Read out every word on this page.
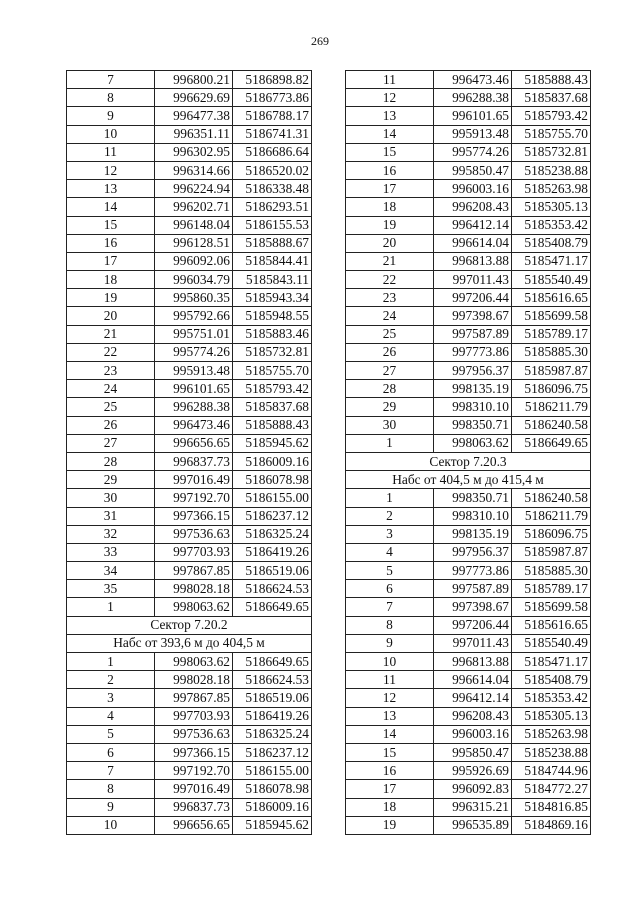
269
7	996800.21	5186898.82
8	996629.69	5186773.86
9	996477.38	5186788.17
10	996351.11	5186741.31
11	996302.95	5186686.64
12	996314.66	5186520.02
13	996224.94	5186338.48
14	996202.71	5186293.51
15	996148.04	5186155.53
16	996128.51	5185888.67
17	996092.06	5185844.41
18	996034.79	5185843.11
19	995860.35	5185943.34
20	995792.66	5185948.55
21	995751.01	5185883.46
22	995774.26	5185732.81
23	995913.48	5185755.70
24	996101.65	5185793.42
25	996288.38	5185837.68
26	996473.46	5185888.43
27	996656.65	5185945.62
28	996837.73	5186009.16
29	997016.49	5186078.98
30	997192.70	5186155.00
31	997366.15	5186237.12
32	997536.63	5186325.24
33	997703.93	5186419.26
34	997867.85	5186519.06
35	998028.18	5186624.53
1	998063.62	5186649.65
Сектор 7.20.2		
Набс от 393,6 м до 404,5 м		
1	998063.62	5186649.65
2	998028.18	5186624.53
3	997867.85	5186519.06
4	997703.93	5186419.26
5	997536.63	5186325.24
6	997366.15	5186237.12
7	997192.70	5186155.00
8	997016.49	5186078.98
9	996837.73	5186009.16
10	996656.65	5185945.62
11	996473.46	5185888.43
12	996288.38	5185837.68
13	996101.65	5185793.42
14	995913.48	5185755.70
15	995774.26	5185732.81
16	995850.47	5185238.88
17	996003.16	5185263.98
18	996208.43	5185305.13
19	996412.14	5185353.42
20	996614.04	5185408.79
21	996813.88	5185471.17
22	997011.43	5185540.49
23	997206.44	5185616.65
24	997398.67	5185699.58
25	997587.89	5185789.17
26	997773.86	5185885.30
27	997956.37	5185987.87
28	998135.19	5186096.75
29	998310.10	5186211.79
30	998350.71	5186240.58
1	998063.62	5186649.65
Сектор 7.20.3		
Набс от 404,5 м до 415,4 м		
1	998350.71	5186240.58
2	998310.10	5186211.79
3	998135.19	5186096.75
4	997956.37	5185987.87
5	997773.86	5185885.30
6	997587.89	5185789.17
7	997398.67	5185699.58
8	997206.44	5185616.65
9	997011.43	5185540.49
10	996813.88	5185471.17
11	996614.04	5185408.79
12	996412.14	5185353.42
13	996208.43	5185305.13
14	996003.16	5185263.98
15	995850.47	5185238.88
16	995926.69	5184744.96
17	996092.83	5184772.27
18	996315.21	5184816.85
19	996535.89	5184869.16
